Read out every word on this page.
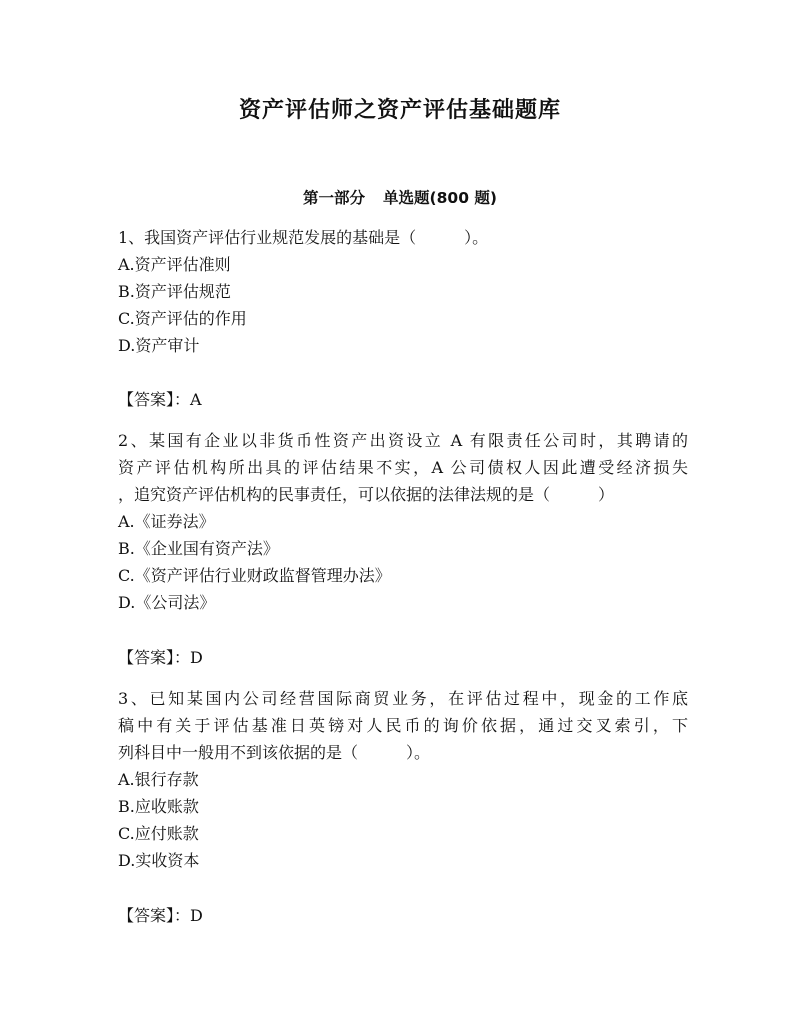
资产评估师之资产评估基础题库
第一部分 单选题(800 题)
1、我国资产评估行业规范发展的基础是（　　　）。
A.资产评估准则
B.资产评估规范
C.资产评估的作用
D.资产审计
【答案】：A
2、某国有企业以非货币性资产出资设立 A 有限责任公司时，其聘请的
资产评估机构所出具的评估结果不实，A 公司债权人因此遭受经济损失
，追究资产评估机构的民事责任，可以依据的法律法规的是（　　　）
A.《证券法》
B.《企业国有资产法》
C.《资产评估行业财政监督管理办法》
D.《公司法》
【答案】：D
3、已知某国内公司经营国际商贸业务，在评估过程中，现金的工作底
稿中有关于评估基准日英镑对人民币的询价依据，通过交叉索引，下
列科目中一般用不到该依据的是（　　　）。
A.银行存款
B.应收账款
C.应付账款
D.实收资本
【答案】：D
